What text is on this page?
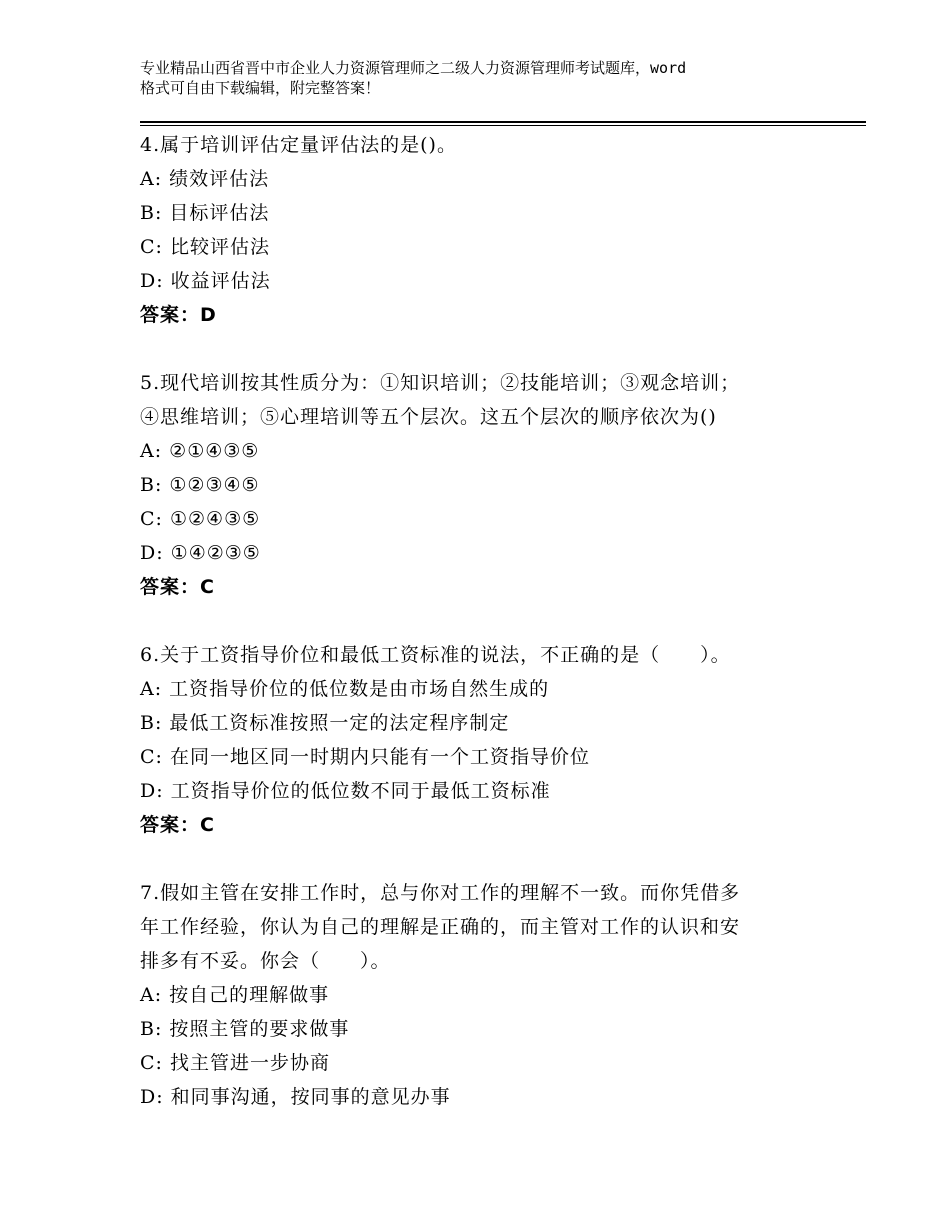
专业精品山西省晋中市企业人力资源管理师之二级人力资源管理师考试题库，word
格式可自由下载编辑，附完整答案！
4.属于培训评估定量评估法的是()。
A: 绩效评估法
B: 目标评估法
C: 比较评估法
D: 收益评估法
答案：D
5.现代培训按其性质分为：①知识培训；②技能培训；③观念培训；
④思维培训；⑤心理培训等五个层次。这五个层次的顺序依次为()
A: ②①④③⑤
B: ①②③④⑤
C: ①②④③⑤
D: ①④②③⑤
答案：C
6.关于工资指导价位和最低工资标准的说法，不正确的是（　　）。
A: 工资指导价位的低位数是由市场自然生成的
B: 最低工资标准按照一定的法定程序制定
C: 在同一地区同一时期内只能有一个工资指导价位
D: 工资指导价位的低位数不同于最低工资标准
答案：C
7.假如主管在安排工作时，总与你对工作的理解不一致。而你凭借多
年工作经验，你认为自己的理解是正确的，而主管对工作的认识和安
排多有不妥。你会（　　）。
A: 按自己的理解做事
B: 按照主管的要求做事
C: 找主管进一步协商
D: 和同事沟通，按同事的意见办事
